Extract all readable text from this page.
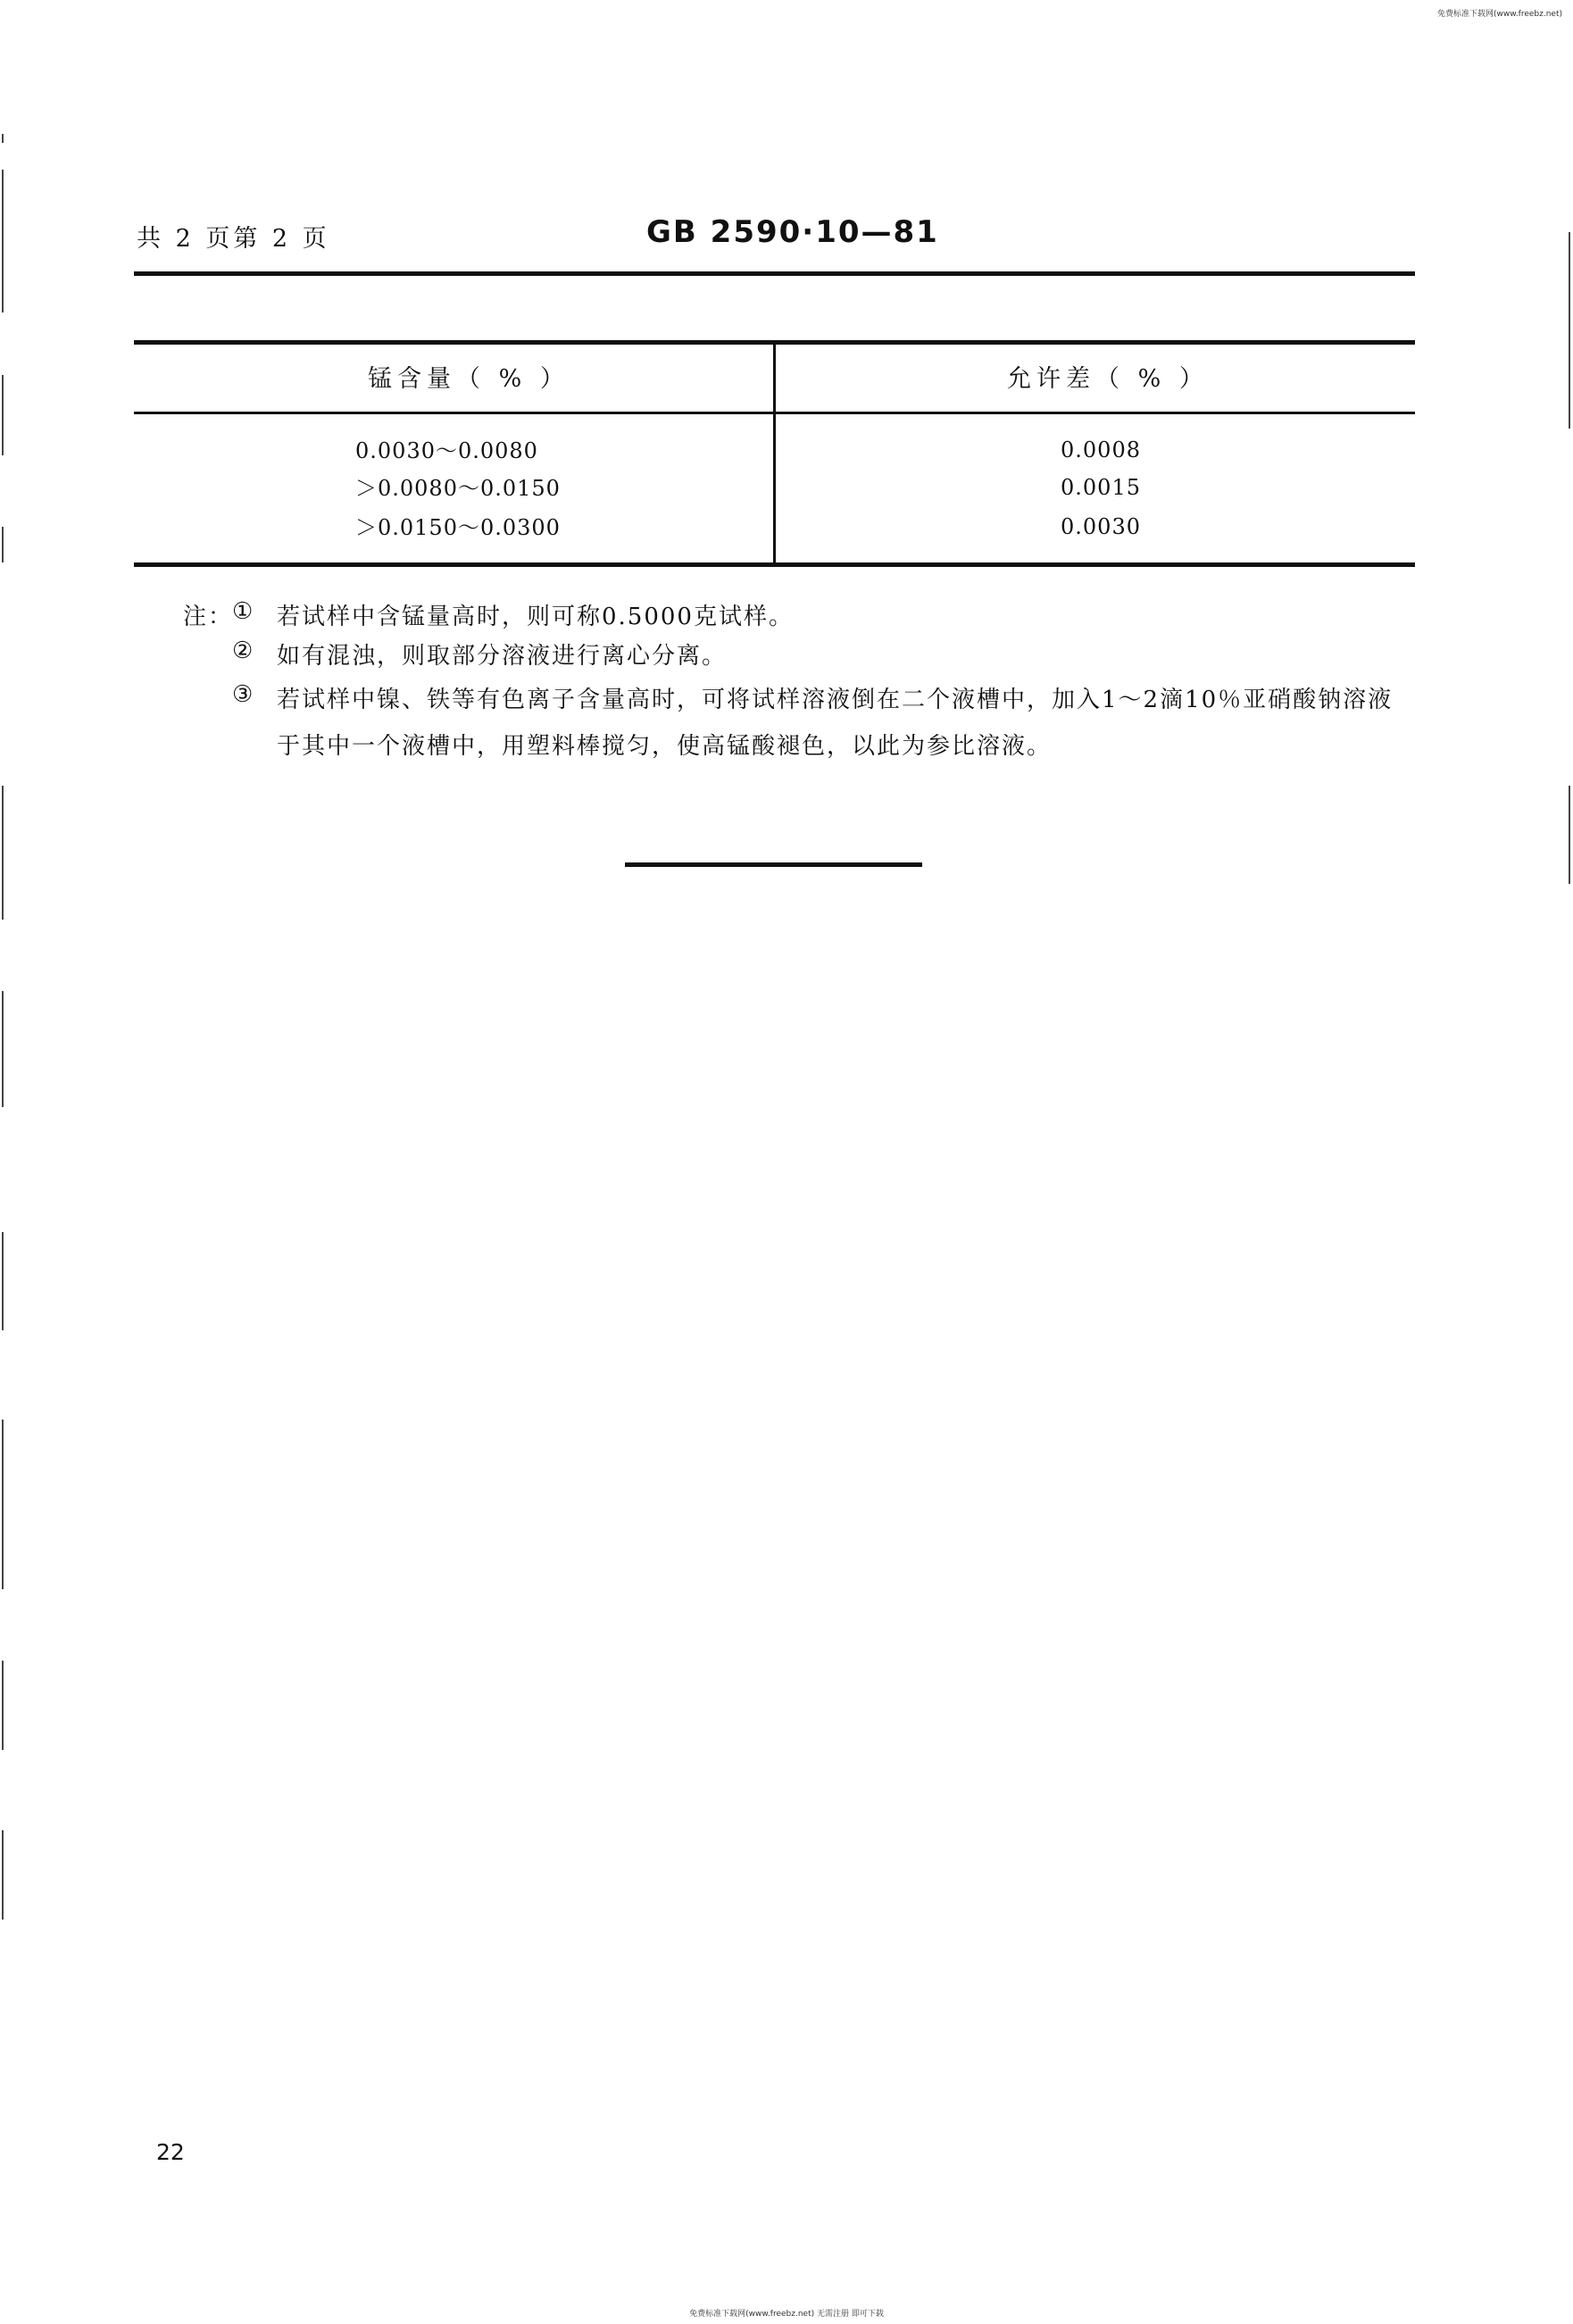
免费标准下载网(www.freebz.net)
共 2 页第 2 页	GB 2590·10—81
锰含量（ % ）	允许差（ % ）
0.0030～0.0080	0.0008
＞0.0080～0.0150	0.0015
＞0.0150～0.0300	0.0030
注：
① 若试样中含锰量高时，则可称0.5000克试样。
② 如有混浊，则取部分溶液进行离心分离。
③ 若试样中镍、铁等有色离子含量高时，可将试样溶液倒在二个液槽中，加入1～2滴10％亚硝酸钠溶液
于其中一个液槽中，用塑料棒搅匀，使高锰酸褪色，以此为参比溶液。
22
免费标准下载网(www.freebz.net) 无需注册 即可下载
